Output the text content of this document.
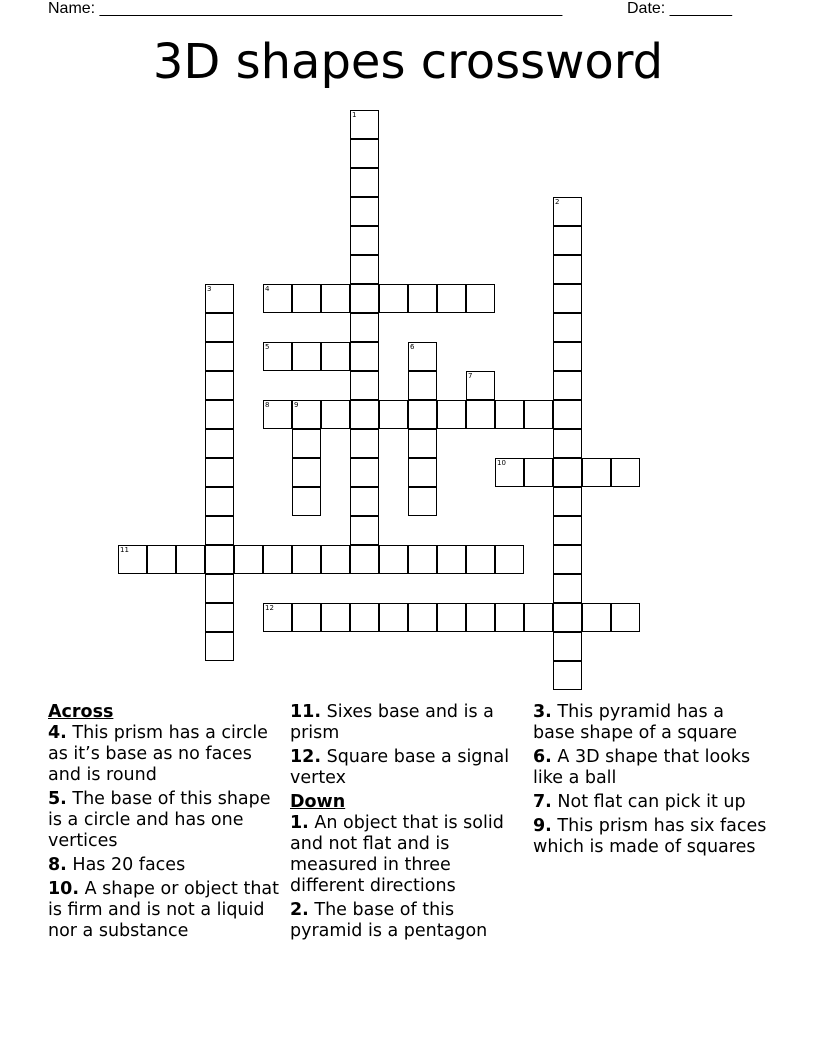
Name: ____________________________________________________	Date: _______
3D shapes crossword
1
2
3	4
5	6
7
8	9
10
11
12
Across
4. This prism has a circle as it’s base as no faces and is round
5. The base of this shape is a circle and has one vertices
8. Has 20 faces
10. A shape or object that is firm and is not a liquid nor a substance
11. Sixes base and is a prism
12. Square base a signal vertex
Down
1. An object that is solid and not flat and is measured in three different directions
2. The base of this pyramid is a pentagon
3. This pyramid has a base shape of a square
6. A 3D shape that looks like a ball
7. Not flat can pick it up
9. This prism has six faces which is made of squares
